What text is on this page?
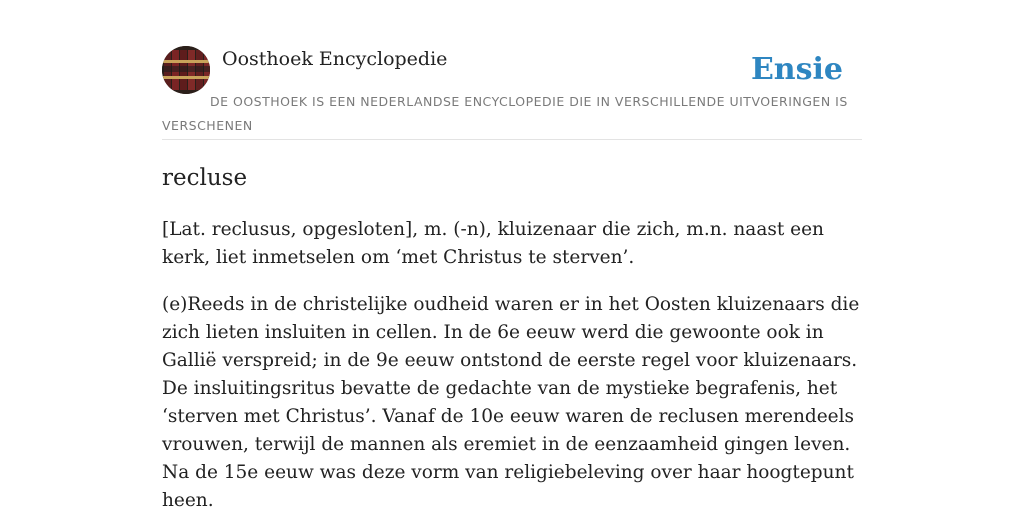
Oosthoek Encyclopedie	Ensie
DE OOSTHOEK IS EEN NEDERLANDSE ENCYCLOPEDIE DIE IN VERSCHILLENDE UITVOERINGEN IS VERSCHENEN
recluse

[Lat. reclusus, opgesloten], m. (-n), kluizenaar die zich, m.n. naast een kerk, liet inmetselen om ‘met Christus te sterven’.

(e)Reeds in de christelijke oudheid waren er in het Oosten kluizenaars die zich lieten insluiten in cellen. In de 6e eeuw werd die gewoonte ook in Gallië verspreid; in de 9e eeuw ontstond de eerste regel voor kluizenaars. De insluitingsritus bevatte de gedachte van de mystieke begrafenis, het ‘sterven met Christus’. Vanaf de 10e eeuw waren de reclusen merendeels vrouwen, terwijl de mannen als eremiet in de eenzaamheid gingen leven. Na de 15e eeuw was deze vorm van religiebeleving over haar hoogtepunt heen.
